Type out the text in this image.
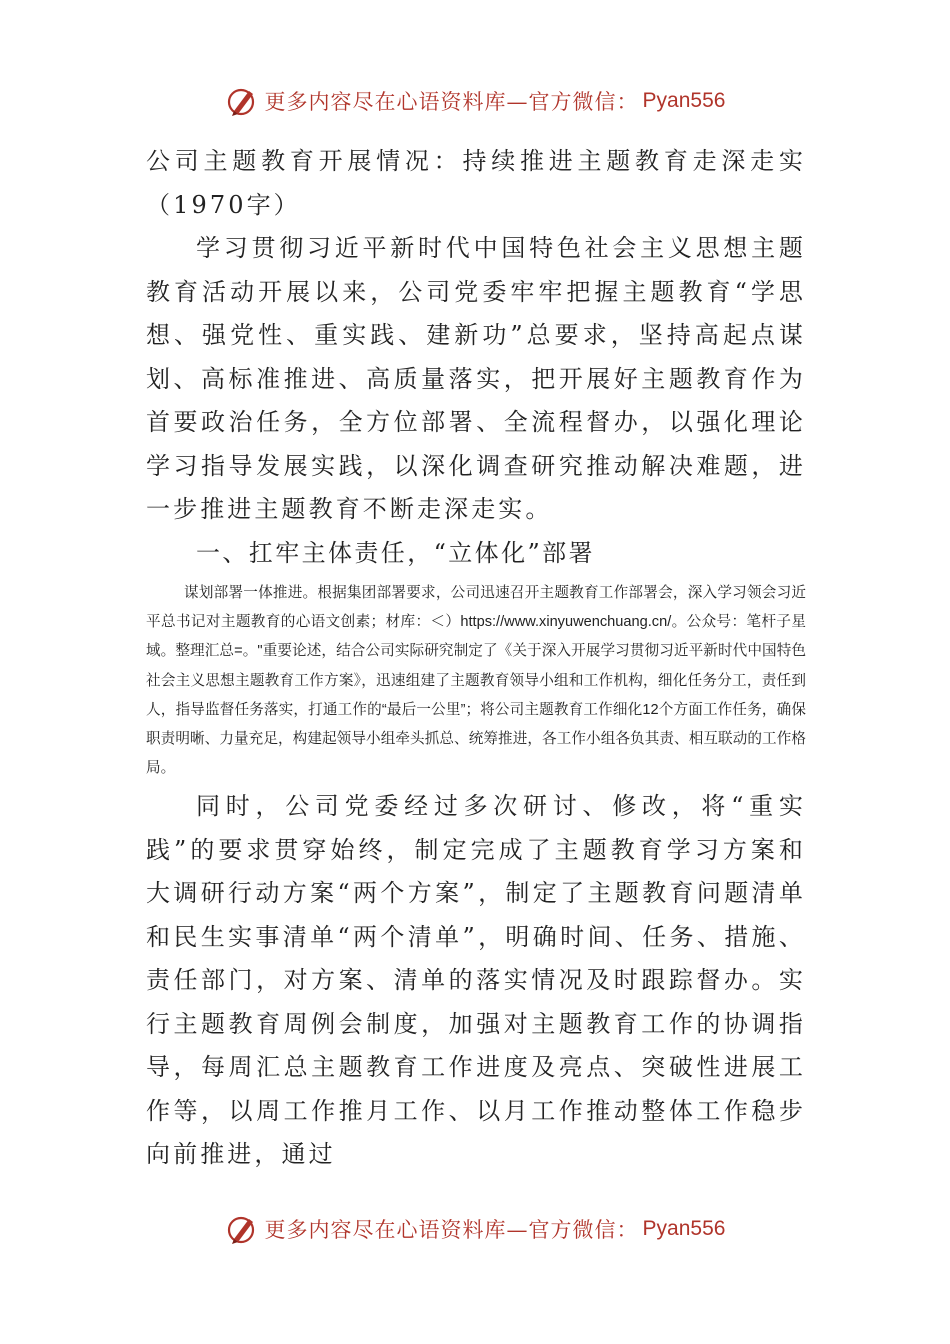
更多内容尽在心语资料库—官方微信： Pyan556

公司主题教育开展情况：持续推进主题教育走深走实（1970字）

学习贯彻习近平新时代中国特色社会主义思想主题教育活动开展以来，公司党委牢牢把握主题教育“学思想、强党性、重实践、建新功”总要求，坚持高起点谋划、高标准推进、高质量落实，把开展好主题教育作为首要政治任务，全方位部署、全流程督办，以强化理论学习指导发展实践，以深化调查研究推动解决难题，进一步推进主题教育不断走深走实。

一、扛牢主体责任，“立体化”部署

谋划部署一体推进。根据集团部署要求，公司迅速召开主题教育工作部署会，深入学习领会习近平总书记对主题教育的心语文创素；材库：＜）https://www.xinyuwenchuang.cn/。公众号：笔杆子星域。整理汇总=。"重要论述，结合公司实际研究制定了《关于深入开展学习贯彻习近平新时代中国特色社会主义思想主题教育工作方案》，迅速组建了主题教育领导小组和工作机构，细化任务分工，责任到人，指导监督任务落实，打通工作的“最后一公里”；将公司主题教育工作细化12个方面工作任务，确保职责明晰、力量充足，构建起领导小组牵头抓总、统筹推进，各工作小组各负其责、相互联动的工作格局。

同时，公司党委经过多次研讨、修改，将“重实践”的要求贯穿始终，制定完成了主题教育学习方案和大调研行动方案“两个方案”，制定了主题教育问题清单和民生实事清单“两个清单”，明确时间、任务、措施、责任部门，对方案、清单的落实情况及时跟踪督办。实行主题教育周例会制度，加强对主题教育工作的协调指导，每周汇总主题教育工作进度及亮点、突破性进展工作等，以周工作推月工作、以月工作推动整体工作稳步向前推进，通过

更多内容尽在心语资料库—官方微信： Pyan556
